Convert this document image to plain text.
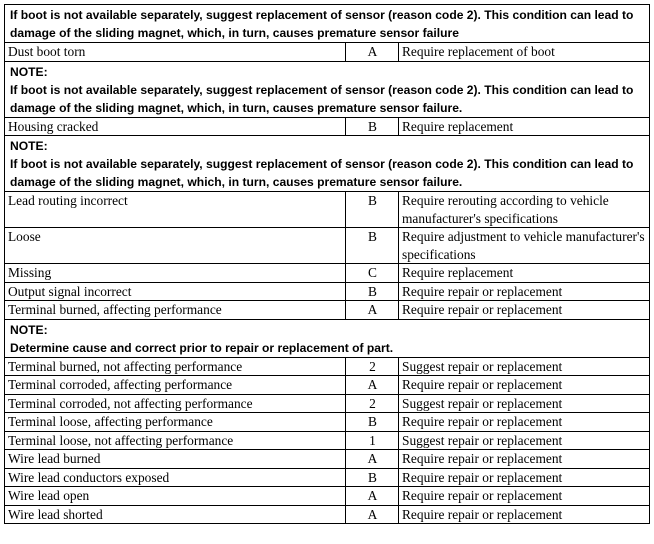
If boot is not available separately, suggest replacement of sensor (reason code 2). This condition can lead to damage of the sliding magnet, which, in turn, causes premature sensor failure		

Dust boot torn	A	Require replacement of boot

NOTE:
If boot is not available separately, suggest replacement of sensor (reason code 2). This condition can lead to damage of the sliding magnet, which, in turn, causes premature sensor failure.		

Housing cracked	B	Require replacement

NOTE:
If boot is not available separately, suggest replacement of sensor (reason code 2). This condition can lead to damage of the sliding magnet, which, in turn, causes premature sensor failure.		

Lead routing incorrect	B	Require rerouting according to vehicle manufacturer's specifications
Loose	B	Require adjustment to vehicle manufacturer's specifications
Missing	C	Require replacement
Output signal incorrect	B	Require repair or replacement
Terminal burned, affecting performance	A	Require repair or replacement

NOTE:
Determine cause and correct prior to repair or replacement of part.		

Terminal burned, not affecting performance	2	Suggest repair or replacement
Terminal corroded, affecting performance	A	Require repair or replacement
Terminal corroded, not affecting performance	2	Suggest repair or replacement
Terminal loose, affecting performance	B	Require repair or replacement
Terminal loose, not affecting performance	1	Suggest repair or replacement
Wire lead burned	A	Require repair or replacement
Wire lead conductors exposed	B	Require repair or replacement
Wire lead open	A	Require repair or replacement
Wire lead shorted	A	Require repair or replacement
